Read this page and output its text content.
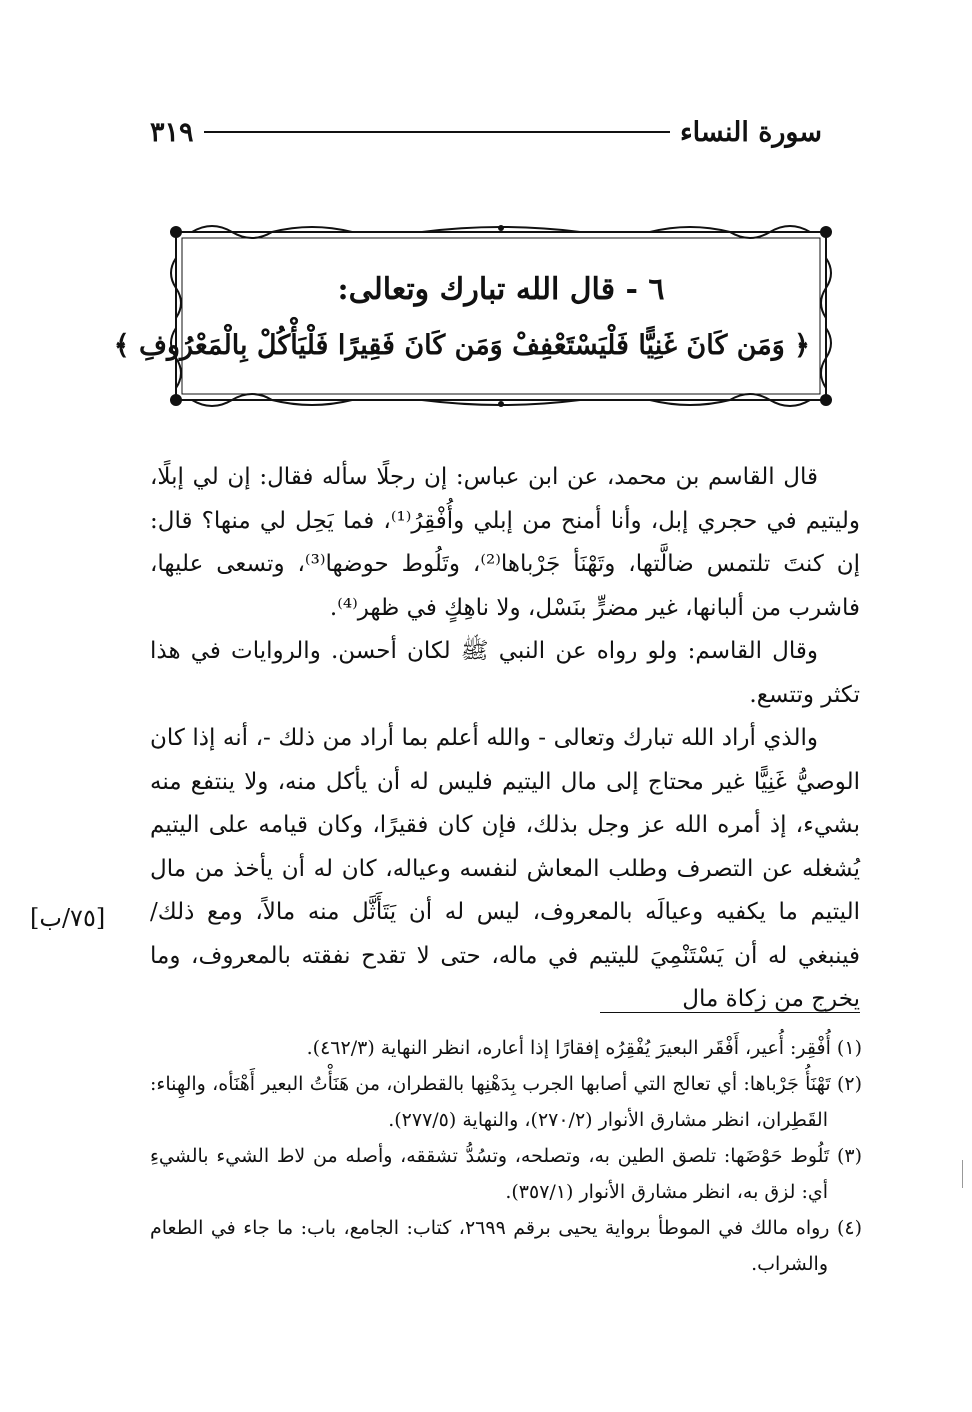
سورة النساء
٣١٩
٦ - قال الله تبارك وتعالى:
﴿ وَمَن كَانَ غَنِيًّا فَلْيَسْتَعْفِفْ وَمَن كَانَ فَقِيرًا فَلْيَأْكُلْ بِالْمَعْرُوفِ ﴾

قال القاسم بن محمد، عن ابن عباس: إن رجلًا سأله فقال: إن لي إبلًا، وليتيم في حجري إبل، وأنا أمنح من إبلي وأُفْقِرُ⁽¹⁾، فما يَحِل لي منها؟ قال: إن كنتَ تلتمس ضالَّتها، وتَهْنَأ جَرْباها⁽²⁾، وتَلُوط حوضها⁽³⁾، وتسعى عليها، فاشرب من ألبانها، غير مضرٍّ بنَسْل، ولا ناهِكٍ في ظهر⁽⁴⁾.

وقال القاسم: ولو رواه عن النبي ﷺ لكان أحسن. والروايات في هذا تكثر وتتسع.

والذي أراد الله تبارك وتعالى - والله أعلم بما أراد من ذلك -، أنه إذا كان الوصيُّ غَنِيًّا غير محتاج إلى مال اليتيم فليس له أن يأكل منه، ولا ينتفع منه بشيء، إذ أمره الله عز وجل بذلك، فإن كان فقيرًا، وكان قيامه على اليتيم يُشغله عن التصرف وطلب المعاش لنفسه وعياله، كان له أن يأخذ من مال اليتيم ما يكفيه وعيالَه بالمعروف، ليس له أن يَتَأَثَّل منه مالاً، ومع ذلك/ فينبغي له أن يَسْتَنْمِيَ لليتيم في ماله، حتى لا تقدح نفقته بالمعروف، وما يخرج من زكاة مال

[٧٥/ب]

(١) أُفْقِر: أُعير، أَفْقَر البعيرَ يُفْقِرُه إفقارًا إذا أعاره، انظر النهاية (٤٦٢/٣).

(٢) تَهْنَأُ جَرْباها: أي تعالج التي أصابها الجرب بِدَهْنِها بالقطران، من هَنَأْتُ البعير أَهْنَأه، والهِناء: القَطِران، انظر مشارق الأنوار (٢٧٠/٢)، والنهاية (٢٧٧/٥).

(٣) تَلُوط حَوْضَها: تلصق الطين به، وتصلحه، وتسُدُّ تشققه، وأصله من لاط الشيء بالشيءِ أي: لزق به، انظر مشارق الأنوار (٣٥٧/١).

(٤) رواه مالك في الموطأ برواية يحيى برقم ٢٦٩٩، كتاب: الجامع، باب: ما جاء في الطعام والشراب.
